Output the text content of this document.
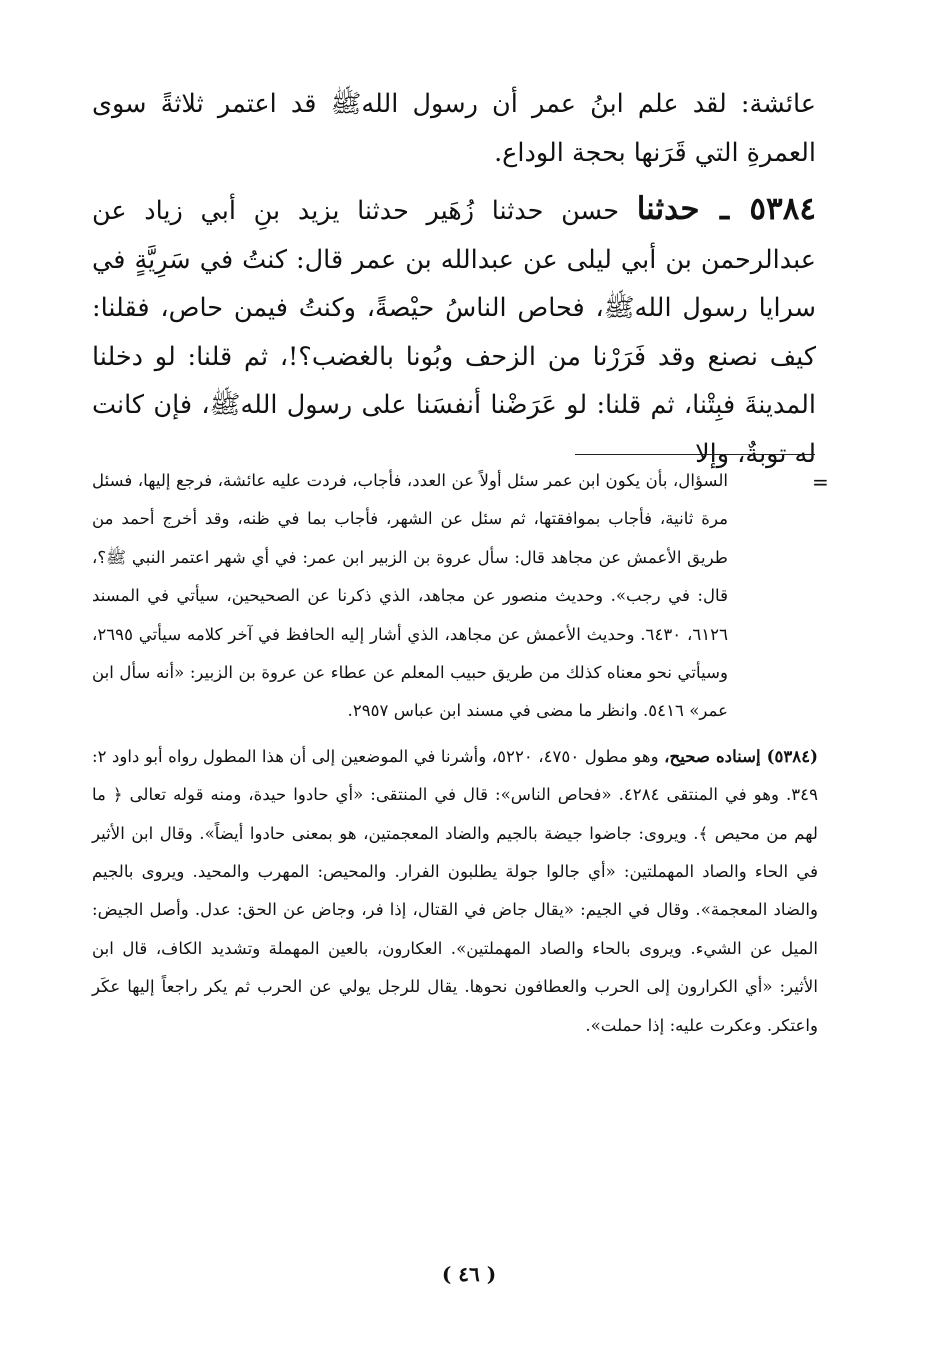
عائشة: لقد علم ابنُ عمر أن رسول اللهﷺ قد اعتمر ثلاثةً سوى العمرةِ التي قَرَنها بحجة الوداع.

٥٣٨٤ ـ حدثنا حسن حدثنا زُهَير حدثنا يزيد بنِ أبي زياد عن عبدالرحمن بن أبي ليلى عن عبدالله بن عمر قال: كنتُ في سَرِيَّةٍ في سرايا رسول اللهﷺ، فحاص الناسُ حيْصةً، وكنتُ فيمن حاص، فقلنا: كيف نصنع وقد فَرَرْنا من الزحف وبُونا بالغضب؟!، ثم قلنا: لو دخلنا المدينةَ فبِتْنا، ثم قلنا: لو عَرَضْنا أنفسَنا على رسول اللهﷺ، فإن كانت له توبةٌ، وإلا

=

السؤال، بأن يكون ابن عمر سئل أولاً عن العدد، فأجاب، فردت عليه عائشة، فرجع إليها، فسئل مرة ثانية، فأجاب بموافقتها، ثم سئل عن الشهر، فأجاب بما في ظنه، وقد أخرج أحمد من طريق الأعمش عن مجاهد قال: سأل عروة بن الزبير ابن عمر: في أي شهر اعتمر النبي ﷺ؟، قال: في رجب». وحديث منصور عن مجاهد، الذي ذكرنا عن الصحيحين، سيأتي في المسند ٦١٢٦، ٦٤٣٠. وحديث الأعمش عن مجاهد، الذي أشار إليه الحافظ في آخر كلامه سيأتي ٢٦٩٥، وسيأتي نحو معناه كذلك من طريق حبيب المعلم عن عطاء عن عروة بن الزبير: «أنه سأل ابن عمر» ٥٤١٦. وانظر ما مضى في مسند ابن عباس ٢٩٥٧.

(٥٣٨٤) إسناده صحيح، وهو مطول ٤٧٥٠، ٥٢٢٠، وأشرنا في الموضعين إلى أن هذا المطول رواه أبو داود ٢: ٣٤٩. وهو في المنتقى ٤٢٨٤. «فحاص الناس»: قال في المنتقى: «أي حادوا حيدة، ومنه قوله تعالى ﴿ ما لهم من محيص ﴾. ويروى: جاضوا جيضة بالجيم والضاد المعجمتين، هو بمعنى حادوا أيضاً». وقال ابن الأثير في الحاء والصاد المهملتين: «أي جالوا جولة يطلبون الفرار. والمحيص: المهرب والمحيد. ويروى بالجيم والضاد المعجمة». وقال في الجيم: «يقال جاض في القتال، إذا فر، وجاض عن الحق: عدل. وأصل الجيض: الميل عن الشيء. ويروى بالحاء والصاد المهملتين». العكارون، بالعين المهملة وتشديد الكاف، قال ابن الأثير: «أي الكرارون إلى الحرب والعطافون نحوها. يقال للرجل يولي عن الحرب ثم يكر راجعاً إليها عكَر واعتكر. وعكرت عليه: إذا حملت».

( ٤٦ )
